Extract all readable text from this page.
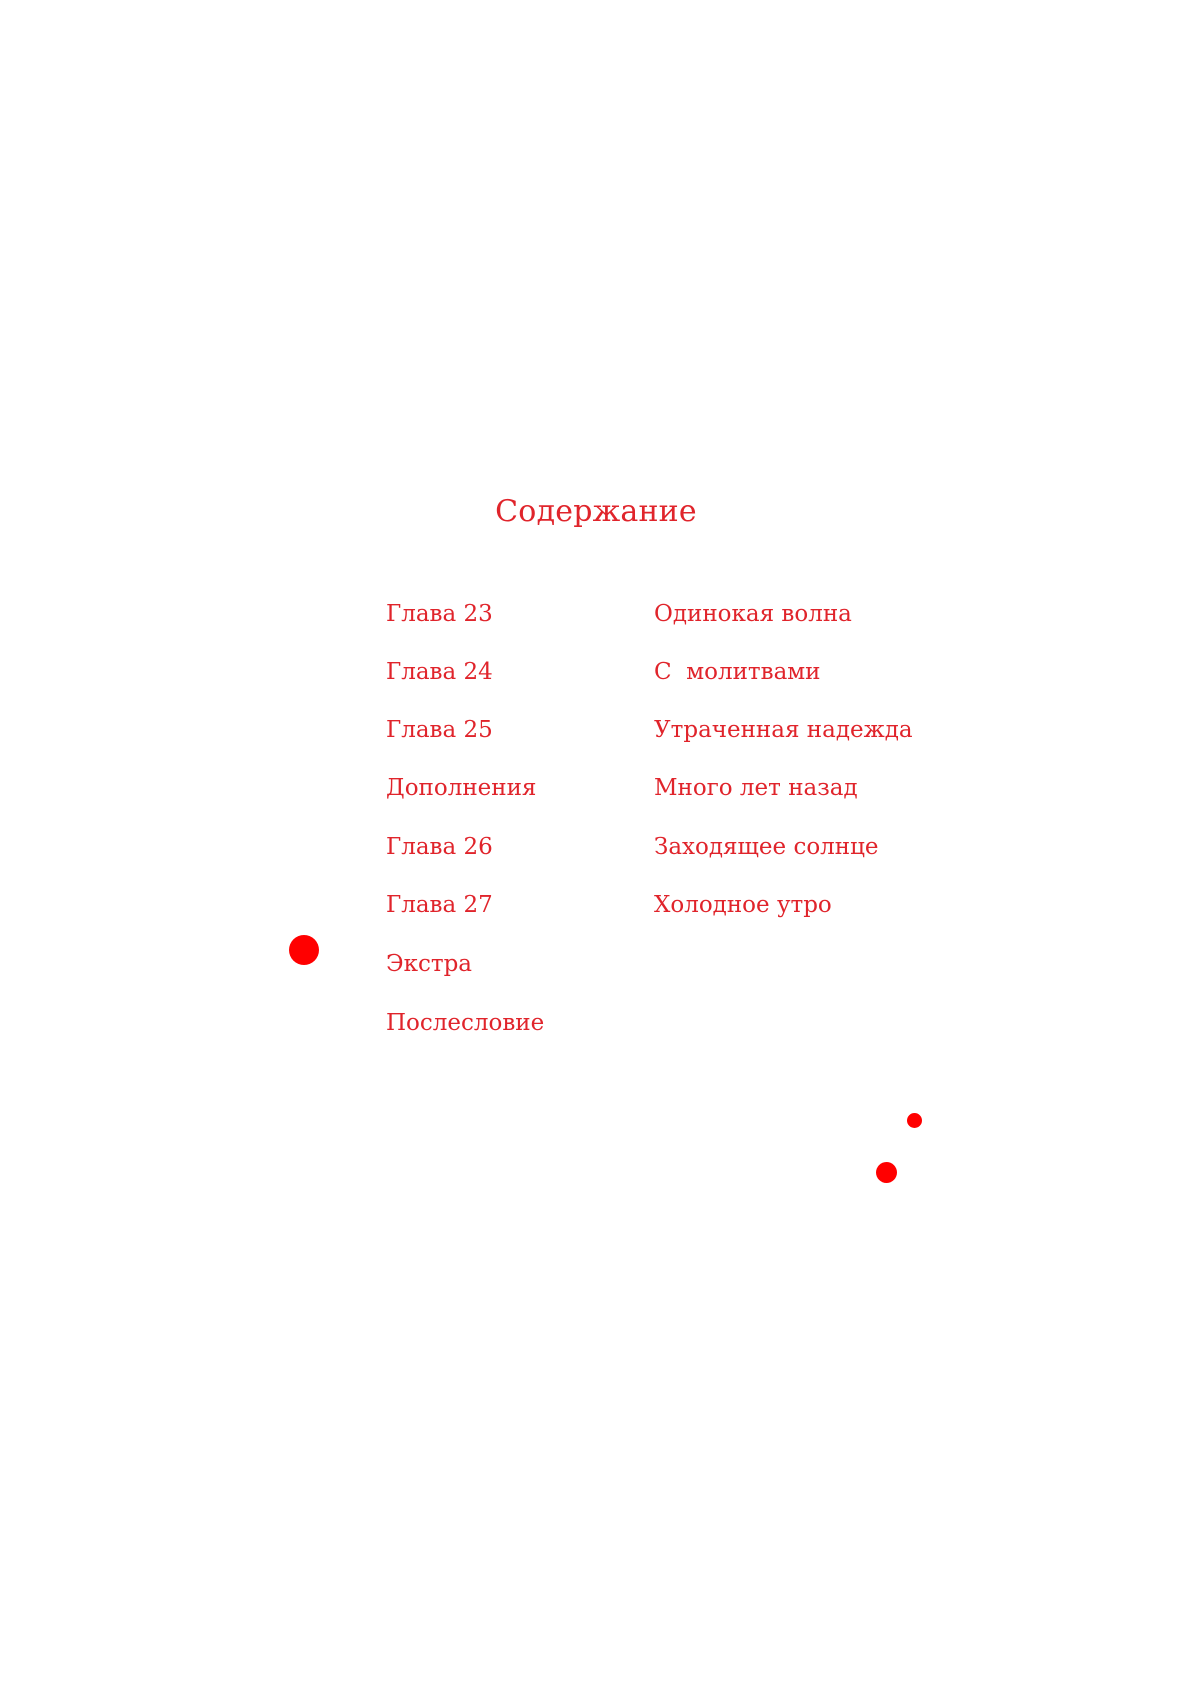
Содержание
Глава 23	Одинокая волна
Глава 24	С  молитвами
Глава 25	Утраченная надежда
Дополнения	Много лет назад
Глава 26	Заходящее солнце
Глава 27	Холодное утро
Экстра
Послесловие
